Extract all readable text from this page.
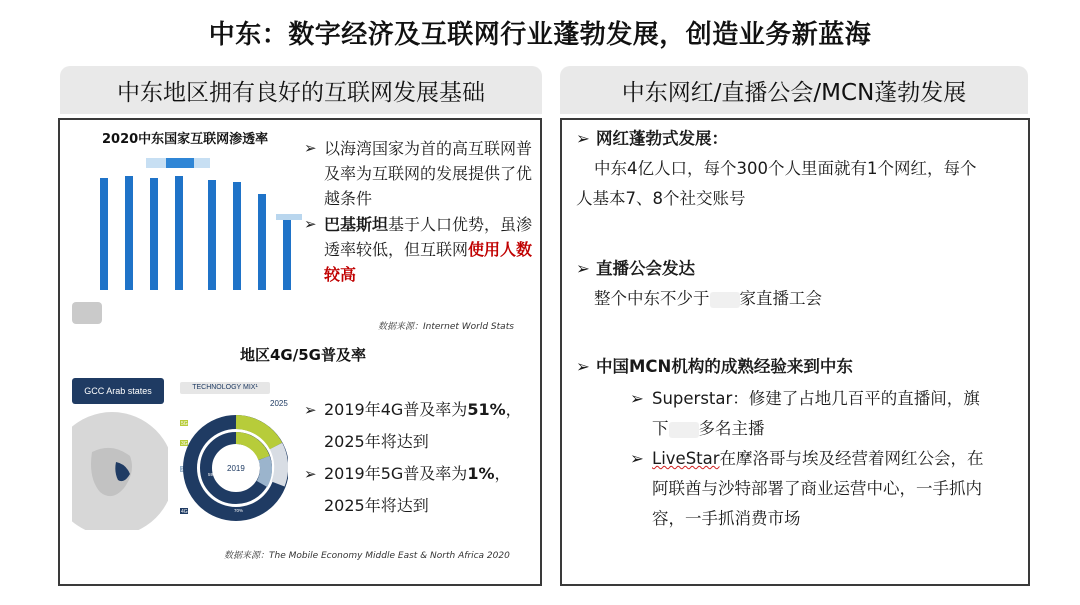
中东：数字经济及互联网行业蓬勃发展，创造业务新蓝海
中东地区拥有良好的互联网发展基础	中东网红/直播公会/MCN蓬勃发展
2020中东国家互联网渗透率
数据来源：Internet World Stats
➢ 以海湾国家为首的高互联网普及率为互联网的发展提供了优越条件
➢ 巴基斯坦基于人口优势，虽渗透率较低，但互联网使用人数较高
地区4G/5G普及率
GCC Arab states	TECHNOLOGY MIX¹
2025
5G
3G
2G
4G
2019
59%
70%
➢ 2019年4G普及率为51%，2025年将达到
➢ 2019年5G普及率为1%，2025年将达到
数据来源：The Mobile Economy Middle East & North Africa 2020
➢ 网红蓬勃式发展：
中东4亿人口，每个300个人里面就有1个网红，每个
人基本7、8个社交账号
➢ 直播公会发达
整个中东不少于 家直播工会
➢ 中国MCN机构的成熟经验来到中东
➢ Superstar：修建了占地几百平的直播间，旗
下 多名主播
➢ LiveStar在摩洛哥与埃及经营着网红公会，在
阿联酋与沙特部署了商业运营中心，一手抓内
容，一手抓消费市场
